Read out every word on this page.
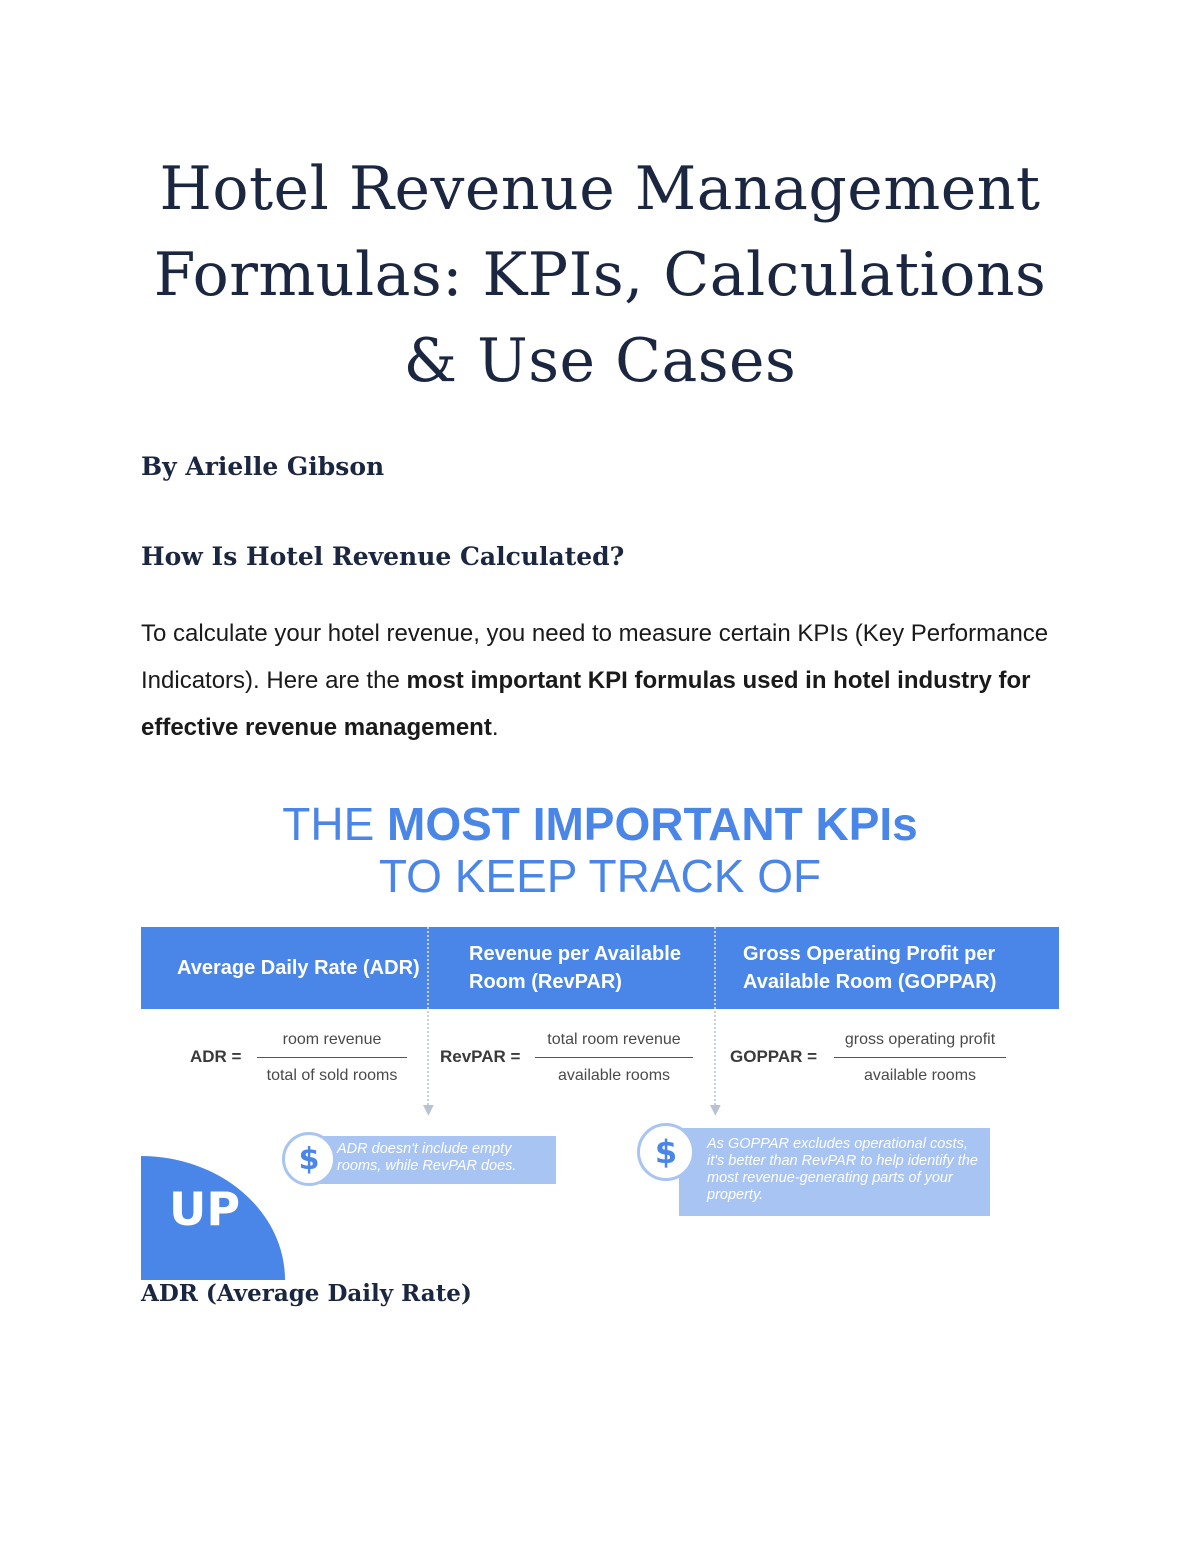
Hotel Revenue Management
Formulas: KPIs, Calculations
& Use Cases

By Arielle Gibson

How Is Hotel Revenue Calculated?

To calculate your hotel revenue, you need to measure certain KPIs (Key Performance Indicators). Here are the most important KPI formulas used in hotel industry for effective revenue management.

THE MOST IMPORTANT KPIs
TO KEEP TRACK OF
Average Daily Rate (ADR)
Revenue per Available Room (RevPAR)
Gross Operating Profit per Available Room (GOPPAR)
▼	▼
ADR =
room revenue
total of sold rooms
RevPAR =
total room revenue
available rooms
GOPPAR =
gross operating profit
available rooms
ADR doesn't include empty rooms, while RevPAR does.
$	As GOPPAR excludes operational costs, it's better than RevPAR to help identify the most revenue-generating parts of your property.
$
ᑌP
ADR (Average Daily Rate)
